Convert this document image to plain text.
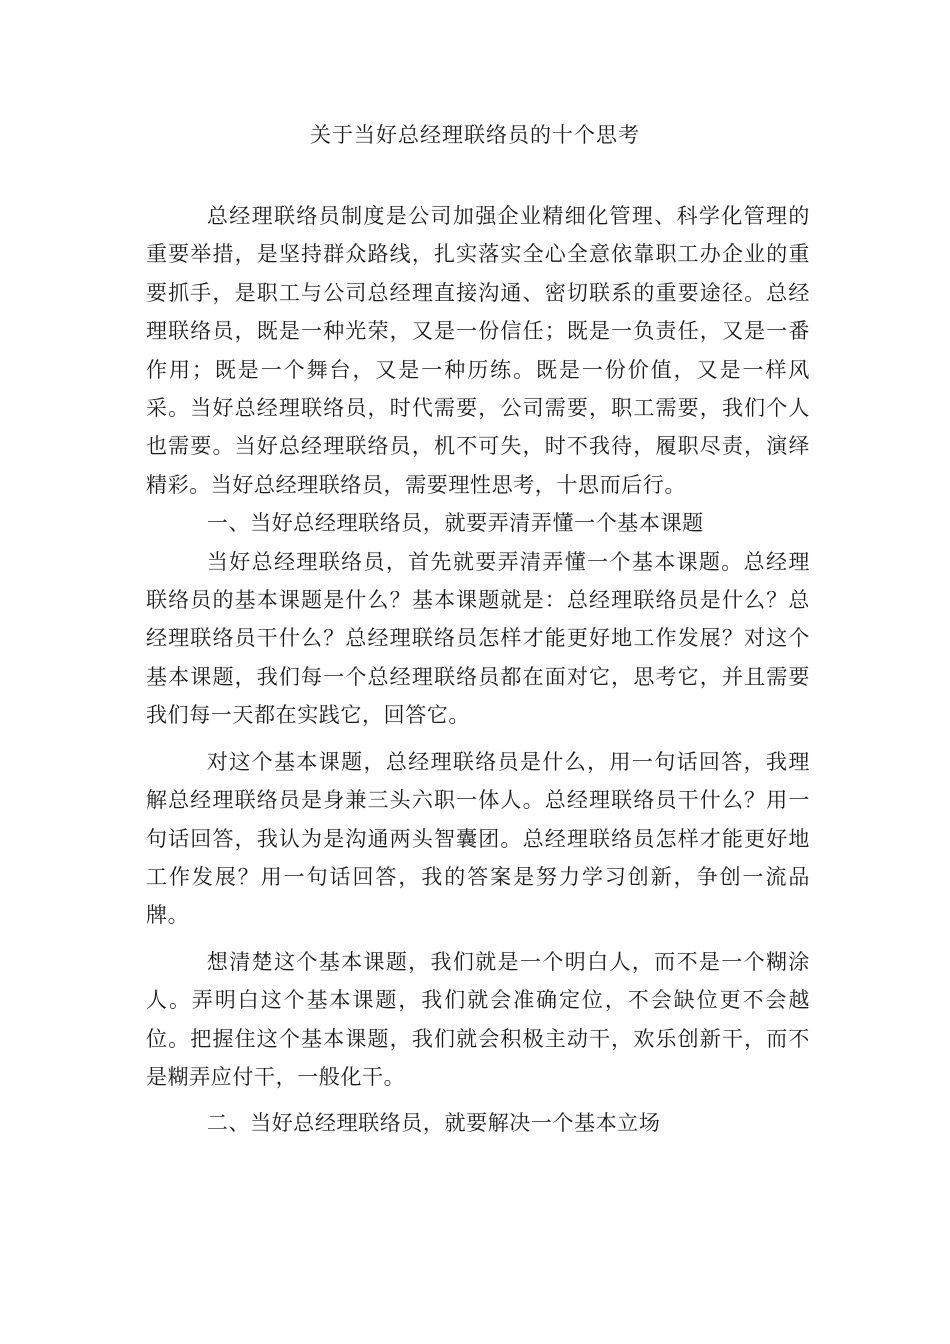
关于当好总经理联络员的十个思考

总经理联络员制度是公司加强企业精细化管理、科学化管理的重要举措，是坚持群众路线，扎实落实全心全意依靠职工办企业的重要抓手，是职工与公司总经理直接沟通、密切联系的重要途径。总经理联络员，既是一种光荣，又是一份信任；既是一负责任，又是一番作用；既是一个舞台，又是一种历练。既是一份价值，又是一样风采。当好总经理联络员，时代需要，公司需要，职工需要，我们个人也需要。当好总经理联络员，机不可失，时不我待，履职尽责，演绎精彩。当好总经理联络员，需要理性思考，十思而后行。

一、当好总经理联络员，就要弄清弄懂一个基本课题

当好总经理联络员，首先就要弄清弄懂一个基本课题。总经理联络员的基本课题是什么？基本课题就是：总经理联络员是什么？总经理联络员干什么？总经理联络员怎样才能更好地工作发展？对这个基本课题，我们每一个总经理联络员都在面对它，思考它，并且需要我们每一天都在实践它，回答它。

对这个基本课题，总经理联络员是什么，用一句话回答，我理解总经理联络员是身兼三头六职一体人。总经理联络员干什么？用一句话回答，我认为是沟通两头智囊团。总经理联络员怎样才能更好地工作发展？用一句话回答，我的答案是努力学习创新，争创一流品牌。

想清楚这个基本课题，我们就是一个明白人，而不是一个糊涂人。弄明白这个基本课题，我们就会准确定位，不会缺位更不会越位。把握住这个基本课题，我们就会积极主动干，欢乐创新干，而不是糊弄应付干，一般化干。

二、当好总经理联络员，就要解决一个基本立场
